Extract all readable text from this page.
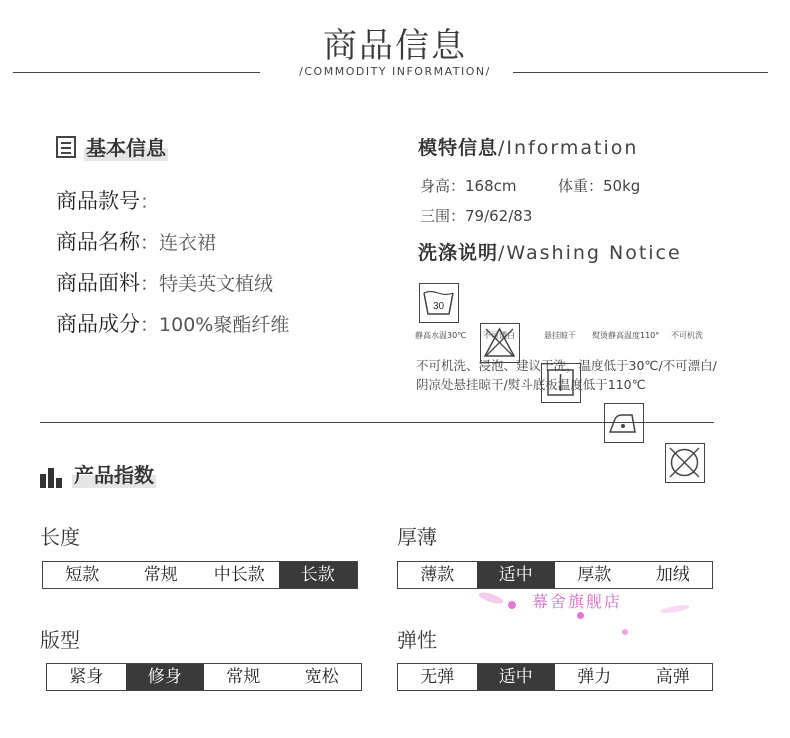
商品信息
/COMMODITY INFORMATION/
基本信息
商品款号：
商品名称：连衣裙
商品面料：特美英文植绒
商品成分：100%聚酯纤维
模特信息/Information
身高：168cm	体重：50kg
三围：79/62/83
洗涤说明/Washing Notice
30
静高水温30℃ 不可漂白	悬挂晾干 熨烫静高温度110° 不可机洗
不可机洗、浸泡、建议干洗，温度低于30℃/不可漂白/
阴凉处悬挂晾干/熨斗底板温度低于110℃
产品指数
长度
短款	常规	中长款	长款
厚薄
薄款	适中	厚款	加绒
幕舍旗舰店
版型
紧身	修身	常规	宽松
弹性
无弹	适中	弹力	高弹
